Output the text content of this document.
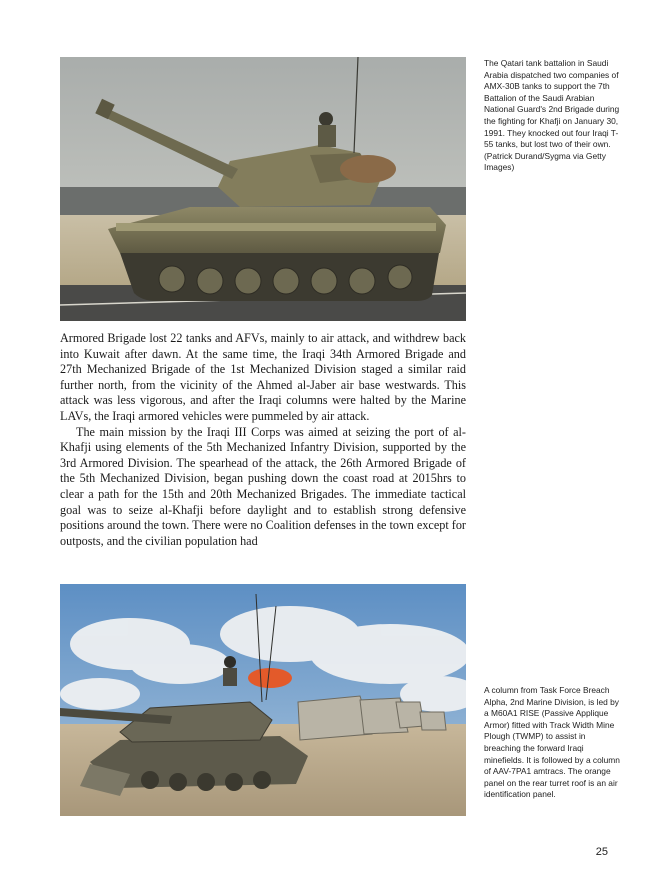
The Qatari tank battalion in Saudi Arabia dispatched two companies of AMX-30B tanks to support the 7th Battalion of the Saudi Arabian National Guard's 2nd Brigade during the fighting for Khafji on January 30, 1991. They knocked out four Iraqi T-55 tanks, but lost two of their own. (Patrick Durand/Sygma via Getty Images)

Armored Brigade lost 22 tanks and AFVs, mainly to air attack, and withdrew back into Kuwait after dawn. At the same time, the Iraqi 34th Armored Brigade and 27th Mechanized Brigade of the 1st Mechanized Division staged a similar raid further north, from the vicinity of the Ahmed al-Jaber air base westwards. This attack was less vigorous, and after the Iraqi columns were halted by the Marine LAVs, the Iraqi armored vehicles were pummeled by air attack.

The main mission by the Iraqi III Corps was aimed at seizing the port of al-Khafji using elements of the 5th Mechanized Infantry Division, supported by the 3rd Armored Division. The spearhead of the attack, the 26th Armored Brigade of the 5th Mechanized Division, began pushing down the coast road at 2015hrs to clear a path for the 15th and 20th Mechanized Brigades. The immediate tactical goal was to seize al-Khafji before daylight and to establish strong defensive positions around the town. There were no Coalition defenses in the town except for outposts, and the civilian population had

A column from Task Force Breach Alpha, 2nd Marine Division, is led by a M60A1 RISE (Passive Applique Armor) fitted with Track Width Mine Plough (TWMP) to assist in breaching the forward Iraqi minefields. It is followed by a column of AAV-7PA1 amtracs. The orange panel on the rear turret roof is an air identification panel.

25
